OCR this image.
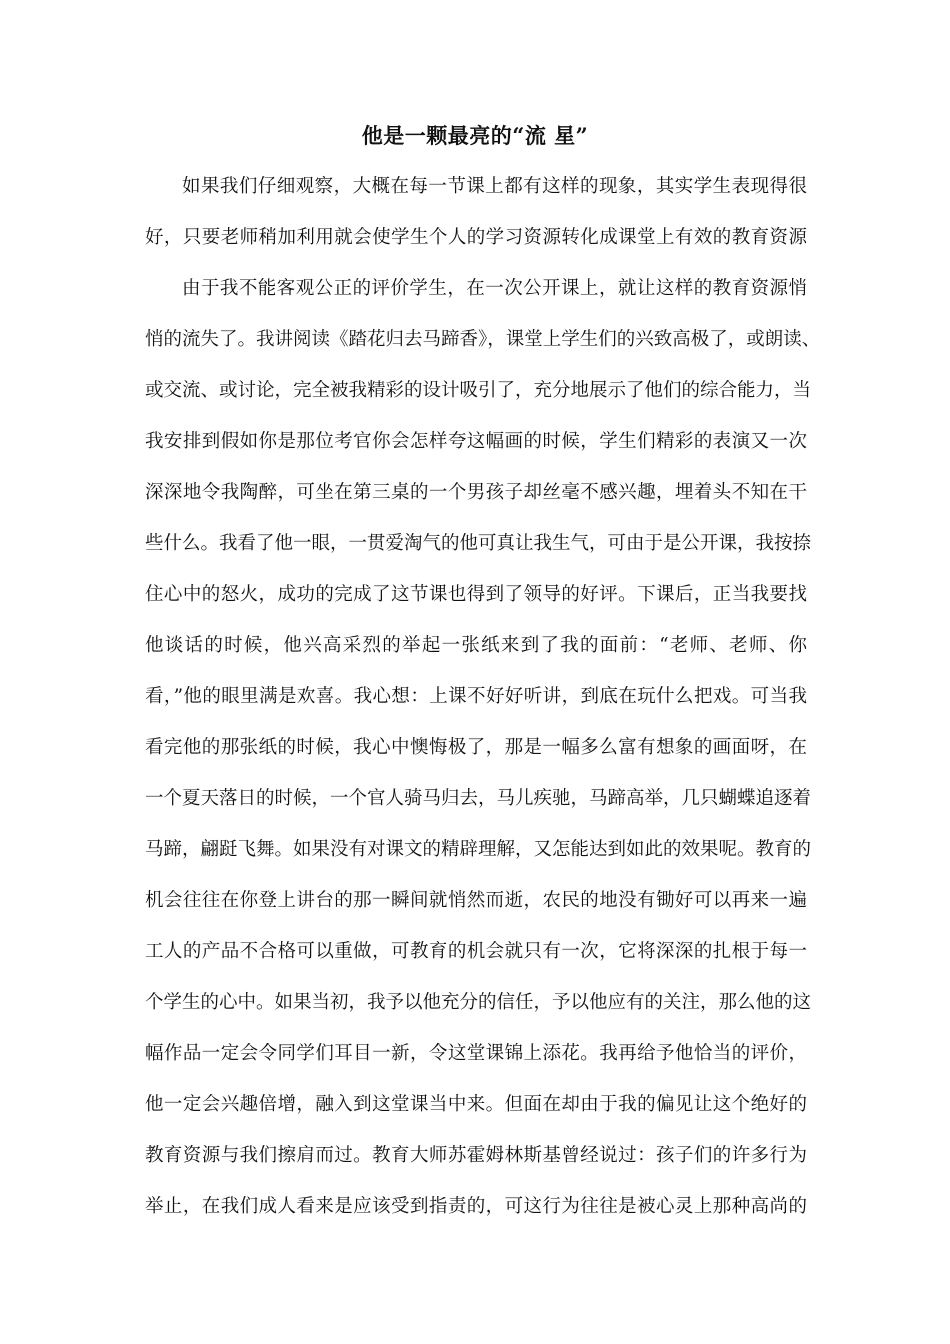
他是一颗最亮的“流 星”
如果我们仔细观察，大概在每一节课上都有这样的现象，其实学生表现得很
好，只要老师稍加利用就会使学生个人的学习资源转化成课堂上有效的教育资源
由于我不能客观公正的评价学生，在一次公开课上，就让这样的教育资源悄
悄的流失了。我讲阅读《踏花归去马蹄香》，课堂上学生们的兴致高极了，或朗读、
或交流、或讨论，完全被我精彩的设计吸引了，充分地展示了他们的综合能力，当
我安排到假如你是那位考官你会怎样夸这幅画的时候，学生们精彩的表演又一次
深深地令我陶醉，可坐在第三桌的一个男孩子却丝毫不感兴趣，埋着头不知在干
些什么。我看了他一眼，一贯爱淘气的他可真让我生气，可由于是公开课，我按捺
住心中的怒火，成功的完成了这节课也得到了领导的好评。下课后，正当我要找
他谈话的时候，他兴高采烈的举起一张纸来到了我的面前：“老师、老师、你
看，”他的眼里满是欢喜。我心想：上课不好好听讲，到底在玩什么把戏。可当我
看完他的那张纸的时候，我心中懊悔极了，那是一幅多么富有想象的画面呀，在
一个夏天落日的时候，一个官人骑马归去，马儿疾驰，马蹄高举，几只蝴蝶追逐着
马蹄，翩跹飞舞。如果没有对课文的精辟理解，又怎能达到如此的效果呢。教育的
机会往往在你登上讲台的那一瞬间就悄然而逝，农民的地没有锄好可以再来一遍
工人的产品不合格可以重做，可教育的机会就只有一次，它将深深的扎根于每一
个学生的心中。如果当初，我予以他充分的信任，予以他应有的关注，那么他的这
幅作品一定会令同学们耳目一新，令这堂课锦上添花。我再给予他恰当的评价，
他一定会兴趣倍增，融入到这堂课当中来。但面在却由于我的偏见让这个绝好的
教育资源与我们擦肩而过。教育大师苏霍姆林斯基曾经说过：孩子们的许多行为
举止，在我们成人看来是应该受到指责的，可这行为往往是被心灵上那种高尚的
